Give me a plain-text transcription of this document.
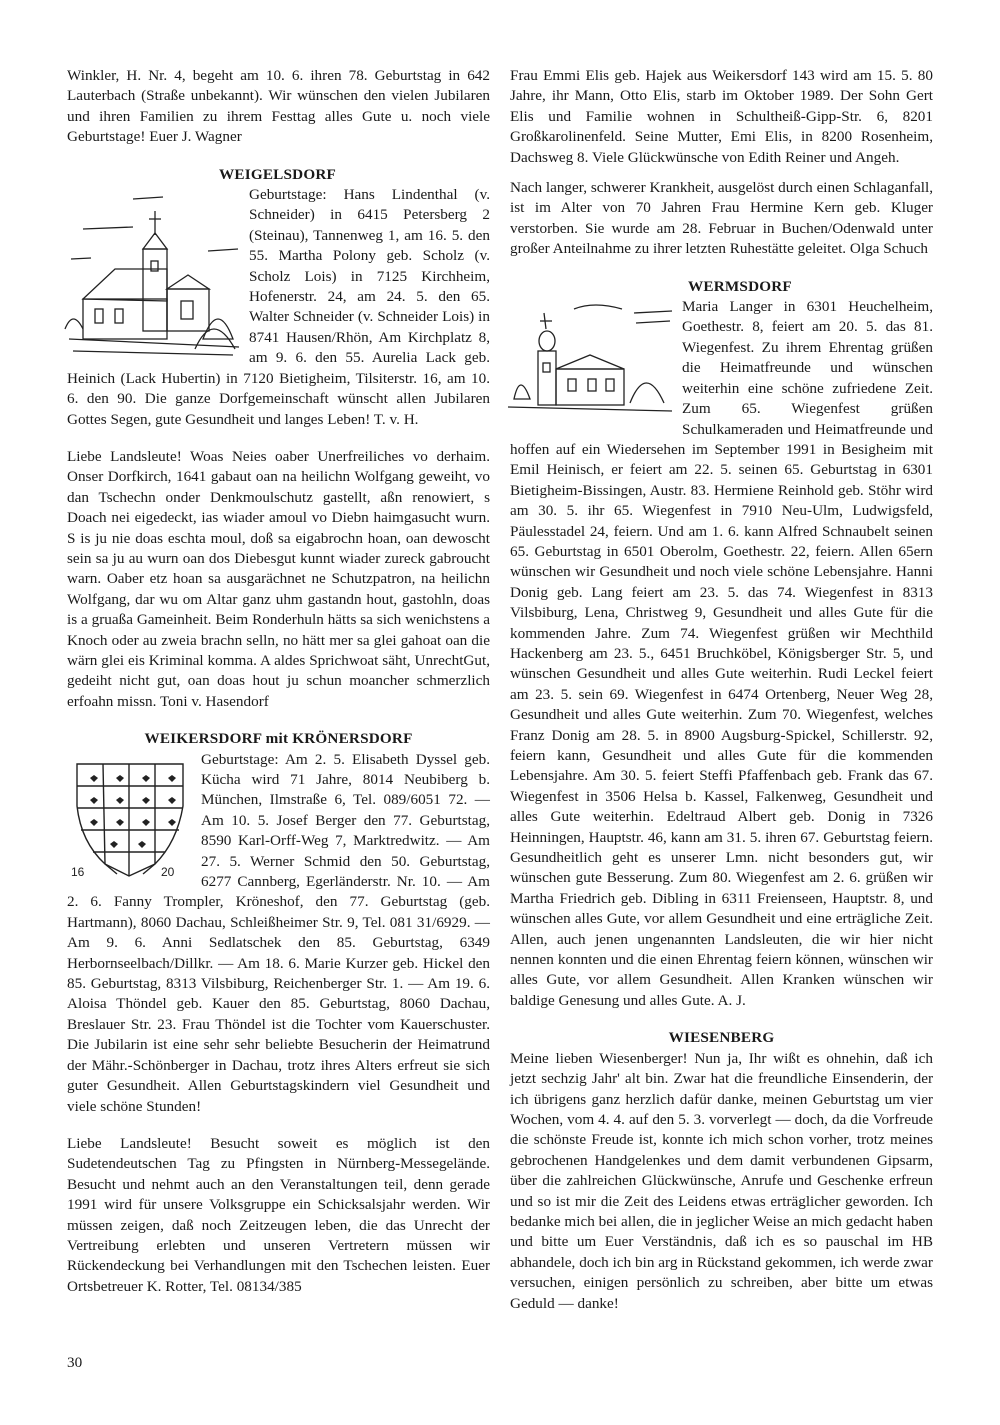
Winkler, H. Nr. 4, begeht am 10. 6. ihren 78. Geburtstag in 642 Lauterbach (Straße unbekannt). Wir wünschen den vielen Jubilaren und ihren Familien zu ihrem Festtag alles Gute u. noch viele Geburtstage! Euer J. Wagner

WEIGELSDORF

Geburtstage: Hans Lindenthal (v. Schneider) in 6415 Petersberg 2 (Steinau), Tannenweg 1, am 16. 5. den 55. Martha Polony geb. Scholz (v. Scholz Lois) in 7125 Kirchheim, Hofenerstr. 24, am 24. 5. den 65. Walter Schneider (v. Schneider Lois) in 8741 Hausen/Rhön, Am Kirchplatz 8, am 9. 6. den 55. Aurelia Lack geb. Heinich (Lack Hubertin) in 7120 Bietigheim, Tilsiterstr. 16, am 10. 6. den 90. Die ganze Dorfgemeinschaft wünscht allen Jubilaren Gottes Segen, gute Gesundheit und langes Leben! T. v. H.

Liebe Landsleute! Woas Neies oaber Unerfreiliches vo derhaim. Onser Dorfkirch, 1641 gabaut oan na heilichn Wolfgang geweiht, vo dan Tschechn onder Denkmoulschutz gastellt, aßn renowiert, s Doach nei eigedeckt, ias wiader amoul vo Diebn haimgasucht wurn. S is ju nie doas eschta moul, doß sa eigabrochn hoan, oan dewoscht sein sa ju au wurn oan dos Diebesgut kunnt wiader zureck gabroucht warn. Oaber etz hoan sa ausgarächnet ne Schutzpatron, na heilichn Wolfgang, dar wu om Altar ganz uhm gastandn hout, gastohln, doas is a gruaßa Gameinheit. Beim Ronderhuln hätts sa sich wenichstens a Knoch oder au zweia brachn selln, no hätt mer sa glei gahoat oan die wärn glei eis Kriminal komma. A aldes Sprichwoat säht, UnrechtGut, gedeiht nicht gut, oan doas hout ju schun moancher schmerzlich erfoahn missn. Toni v. Hasendorf

WEIKERSDORF mit KRÖNERSDORF
16	20

Geburtstage: Am 2. 5. Elisabeth Dyssel geb. Kücha wird 71 Jahre, 8014 Neubiberg b. München, Ilmstraße 6, Tel. 089/6051 72. — Am 10. 5. Josef Berger den 77. Geburtstag, 8590 Karl-Orff-Weg 7, Marktredwitz. — Am 27. 5. Werner Schmid den 50. Geburtstag, 6277 Cannberg, Egerländerstr. Nr. 10. — Am 2. 6. Fanny Trompler, Kröneshof, den 77. Geburtstag (geb. Hartmann), 8060 Dachau, Schleißheimer Str. 9, Tel. 081 31/6929. — Am 9. 6. Anni Sedlatschek den 85. Geburtstag, 6349 Herbornseelbach/Dillkr. — Am 18. 6. Marie Kurzer geb. Hickel den 85. Geburtstag, 8313 Vilsbiburg, Reichenberger Str. 1. — Am 19. 6. Aloisa Thöndel geb. Kauer den 85. Geburtstag, 8060 Dachau, Breslauer Str. 23. Frau Thöndel ist die Tochter vom Kauerschuster. Die Jubilarin ist eine sehr sehr beliebte Besucherin der Heimatrund der Mähr.-Schönberger in Dachau, trotz ihres Alters erfreut sie sich guter Gesundheit. Allen Geburtstagskindern viel Gesundheit und viele schöne Stunden!

Liebe Landsleute! Besucht soweit es möglich ist den Sudetendeutschen Tag zu Pfingsten in Nürnberg-Messegelände. Besucht und nehmt auch an den Veranstaltungen teil, denn gerade 1991 wird für unsere Volksgruppe ein Schicksalsjahr werden. Wir müssen zeigen, daß noch Zeitzeugen leben, die das Unrecht der Vertreibung erlebten und unseren Vertretern müssen wir Rückendeckung bei Verhandlungen mit den Tschechen leisten. Euer Ortsbetreuer K. Rotter, Tel. 08134/385

Frau Emmi Elis geb. Hajek aus Weikersdorf 143 wird am 15. 5. 80 Jahre, ihr Mann, Otto Elis, starb im Oktober 1989. Der Sohn Gert Elis und Familie wohnen in Schultheiß-Gipp-Str. 6, 8201 Großkarolinenfeld. Seine Mutter, Emi Elis, in 8200 Rosenheim, Dachsweg 8. Viele Glückwünsche von Edith Reiner und Angeh.

Nach langer, schwerer Krankheit, ausgelöst durch einen Schlaganfall, ist im Alter von 70 Jahren Frau Hermine Kern geb. Kluger verstorben. Sie wurde am 28. Februar in Buchen/Odenwald unter großer Anteilnahme zu ihrer letzten Ruhestätte geleitet. Olga Schuch

WERMSDORF

Maria Langer in 6301 Heuchelheim, Goethestr. 8, feiert am 20. 5. das 81. Wiegenfest. Zu ihrem Ehrentag grüßen die Heimatfreunde und wünschen weiterhin eine schöne zufriedene Zeit. Zum 65. Wiegenfest grüßen Schulkameraden und Heimatfreunde und hoffen auf ein Wiedersehen im September 1991 in Besigheim mit Emil Heinisch, er feiert am 22. 5. seinen 65. Geburtstag in 6301 Bietigheim-Bissingen, Austr. 83. Hermiene Reinhold geb. Stöhr wird am 30. 5. ihr 65. Wiegenfest in 7910 Neu-Ulm, Ludwigsfeld, Päulesstadel 24, feiern. Und am 1. 6. kann Alfred Schnaubelt seinen 65. Geburtstag in 6501 Oberolm, Goethestr. 22, feiern. Allen 65ern wünschen wir Gesundheit und noch viele schöne Lebensjahre. Hanni Donig geb. Lang feiert am 23. 5. das 74. Wiegenfest in 8313 Vilsbiburg, Lena, Christweg 9, Gesundheit und alles Gute für die kommenden Jahre. Zum 74. Wiegenfest grüßen wir Mechthild Hackenberg am 23. 5., 6451 Bruchköbel, Königsberger Str. 5, und wünschen Gesundheit und alles Gute weiterhin. Rudi Leckel feiert am 23. 5. sein 69. Wiegenfest in 6474 Ortenberg, Neuer Weg 28, Gesundheit und alles Gute weiterhin. Zum 70. Wiegenfest, welches Franz Donig am 28. 5. in 8900 Augsburg-Spickel, Schillerstr. 92, feiern kann, Gesundheit und alles Gute für die kommenden Lebensjahre. Am 30. 5. feiert Steffi Pfaffenbach geb. Frank das 67. Wiegenfest in 3506 Helsa b. Kassel, Falkenweg, Gesundheit und alles Gute weiterhin. Edeltraud Albert geb. Donig in 7326 Heinningen, Hauptstr. 46, kann am 31. 5. ihren 67. Geburtstag feiern. Gesundheitlich geht es unserer Lmn. nicht besonders gut, wir wünschen gute Besserung. Zum 80. Wiegenfest am 2. 6. grüßen wir Martha Friedrich geb. Dibling in 6311 Freienseen, Hauptstr. 8, und wünschen alles Gute, vor allem Gesundheit und eine erträgliche Zeit. Allen, auch jenen ungenannten Landsleuten, die wir hier nicht nennen konnten und die einen Ehrentag feiern können, wünschen wir alles Gute, vor allem Gesundheit. Allen Kranken wünschen wir baldige Genesung und alles Gute. A. J.

WIESENBERG

Meine lieben Wiesenberger! Nun ja, Ihr wißt es ohnehin, daß ich jetzt sechzig Jahr' alt bin. Zwar hat die freundliche Einsenderin, der ich übrigens ganz herzlich dafür danke, meinen Geburtstag um vier Wochen, vom 4. 4. auf den 5. 3. vorverlegt — doch, da die Vorfreude die schönste Freude ist, konnte ich mich schon vorher, trotz meines gebrochenen Handgelenkes und dem damit verbundenen Gipsarm, über die zahlreichen Glückwünsche, Anrufe und Geschenke erfreun und so ist mir die Zeit des Leidens etwas erträglicher geworden. Ich bedanke mich bei allen, die in jeglicher Weise an mich gedacht haben und bitte um Euer Verständnis, daß ich es so pauschal im HB abhandele, doch ich bin arg in Rückstand gekommen, ich werde zwar versuchen, einigen persönlich zu schreiben, aber bitte um etwas Geduld — danke!

30
